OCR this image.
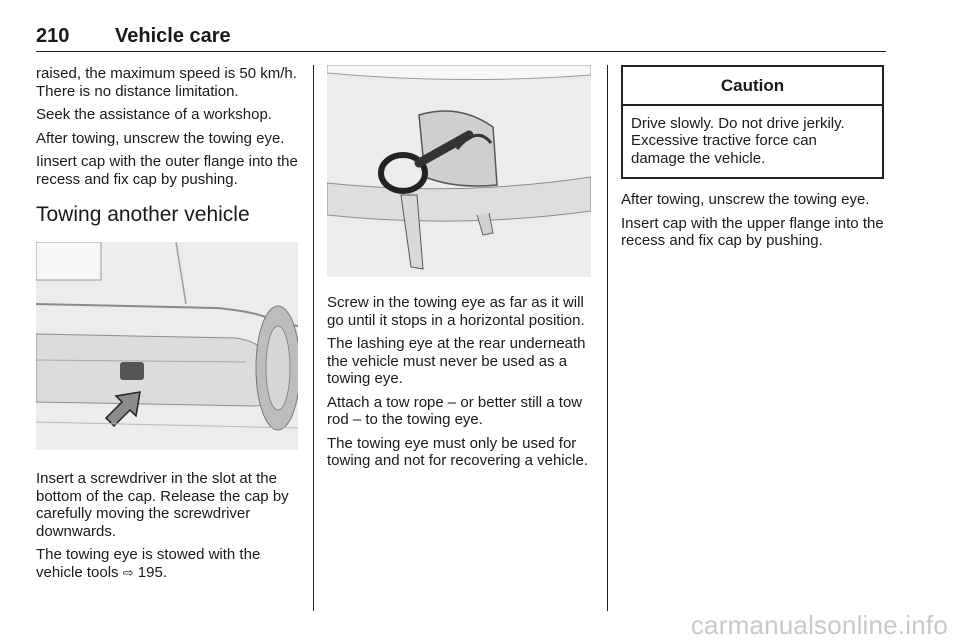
210 Vehicle care

raised, the maximum speed is 50 km/h. There is no distance limitation.

Seek the assistance of a workshop.

After towing, unscrew the towing eye.

Iinsert cap with the outer flange into the recess and fix cap by pushing.

Towing another vehicle

Insert a screwdriver in the slot at the bottom of the cap. Release the cap by carefully moving the screwdriver downwards.

The towing eye is stowed with the vehicle tools ⇨ 195.

Screw in the towing eye as far as it will go until it stops in a horizontal position.

The lashing eye at the rear underneath the vehicle must never be used as a towing eye.

Attach a tow rope – or better still a tow rod – to the towing eye.

The towing eye must only be used for towing and not for recovering a vehicle.

Caution
Drive slowly. Do not drive jerkily. Excessive tractive force can damage the vehicle.

After towing, unscrew the towing eye.

Insert cap with the upper flange into the recess and fix cap by pushing.

carmanualsonline.info
